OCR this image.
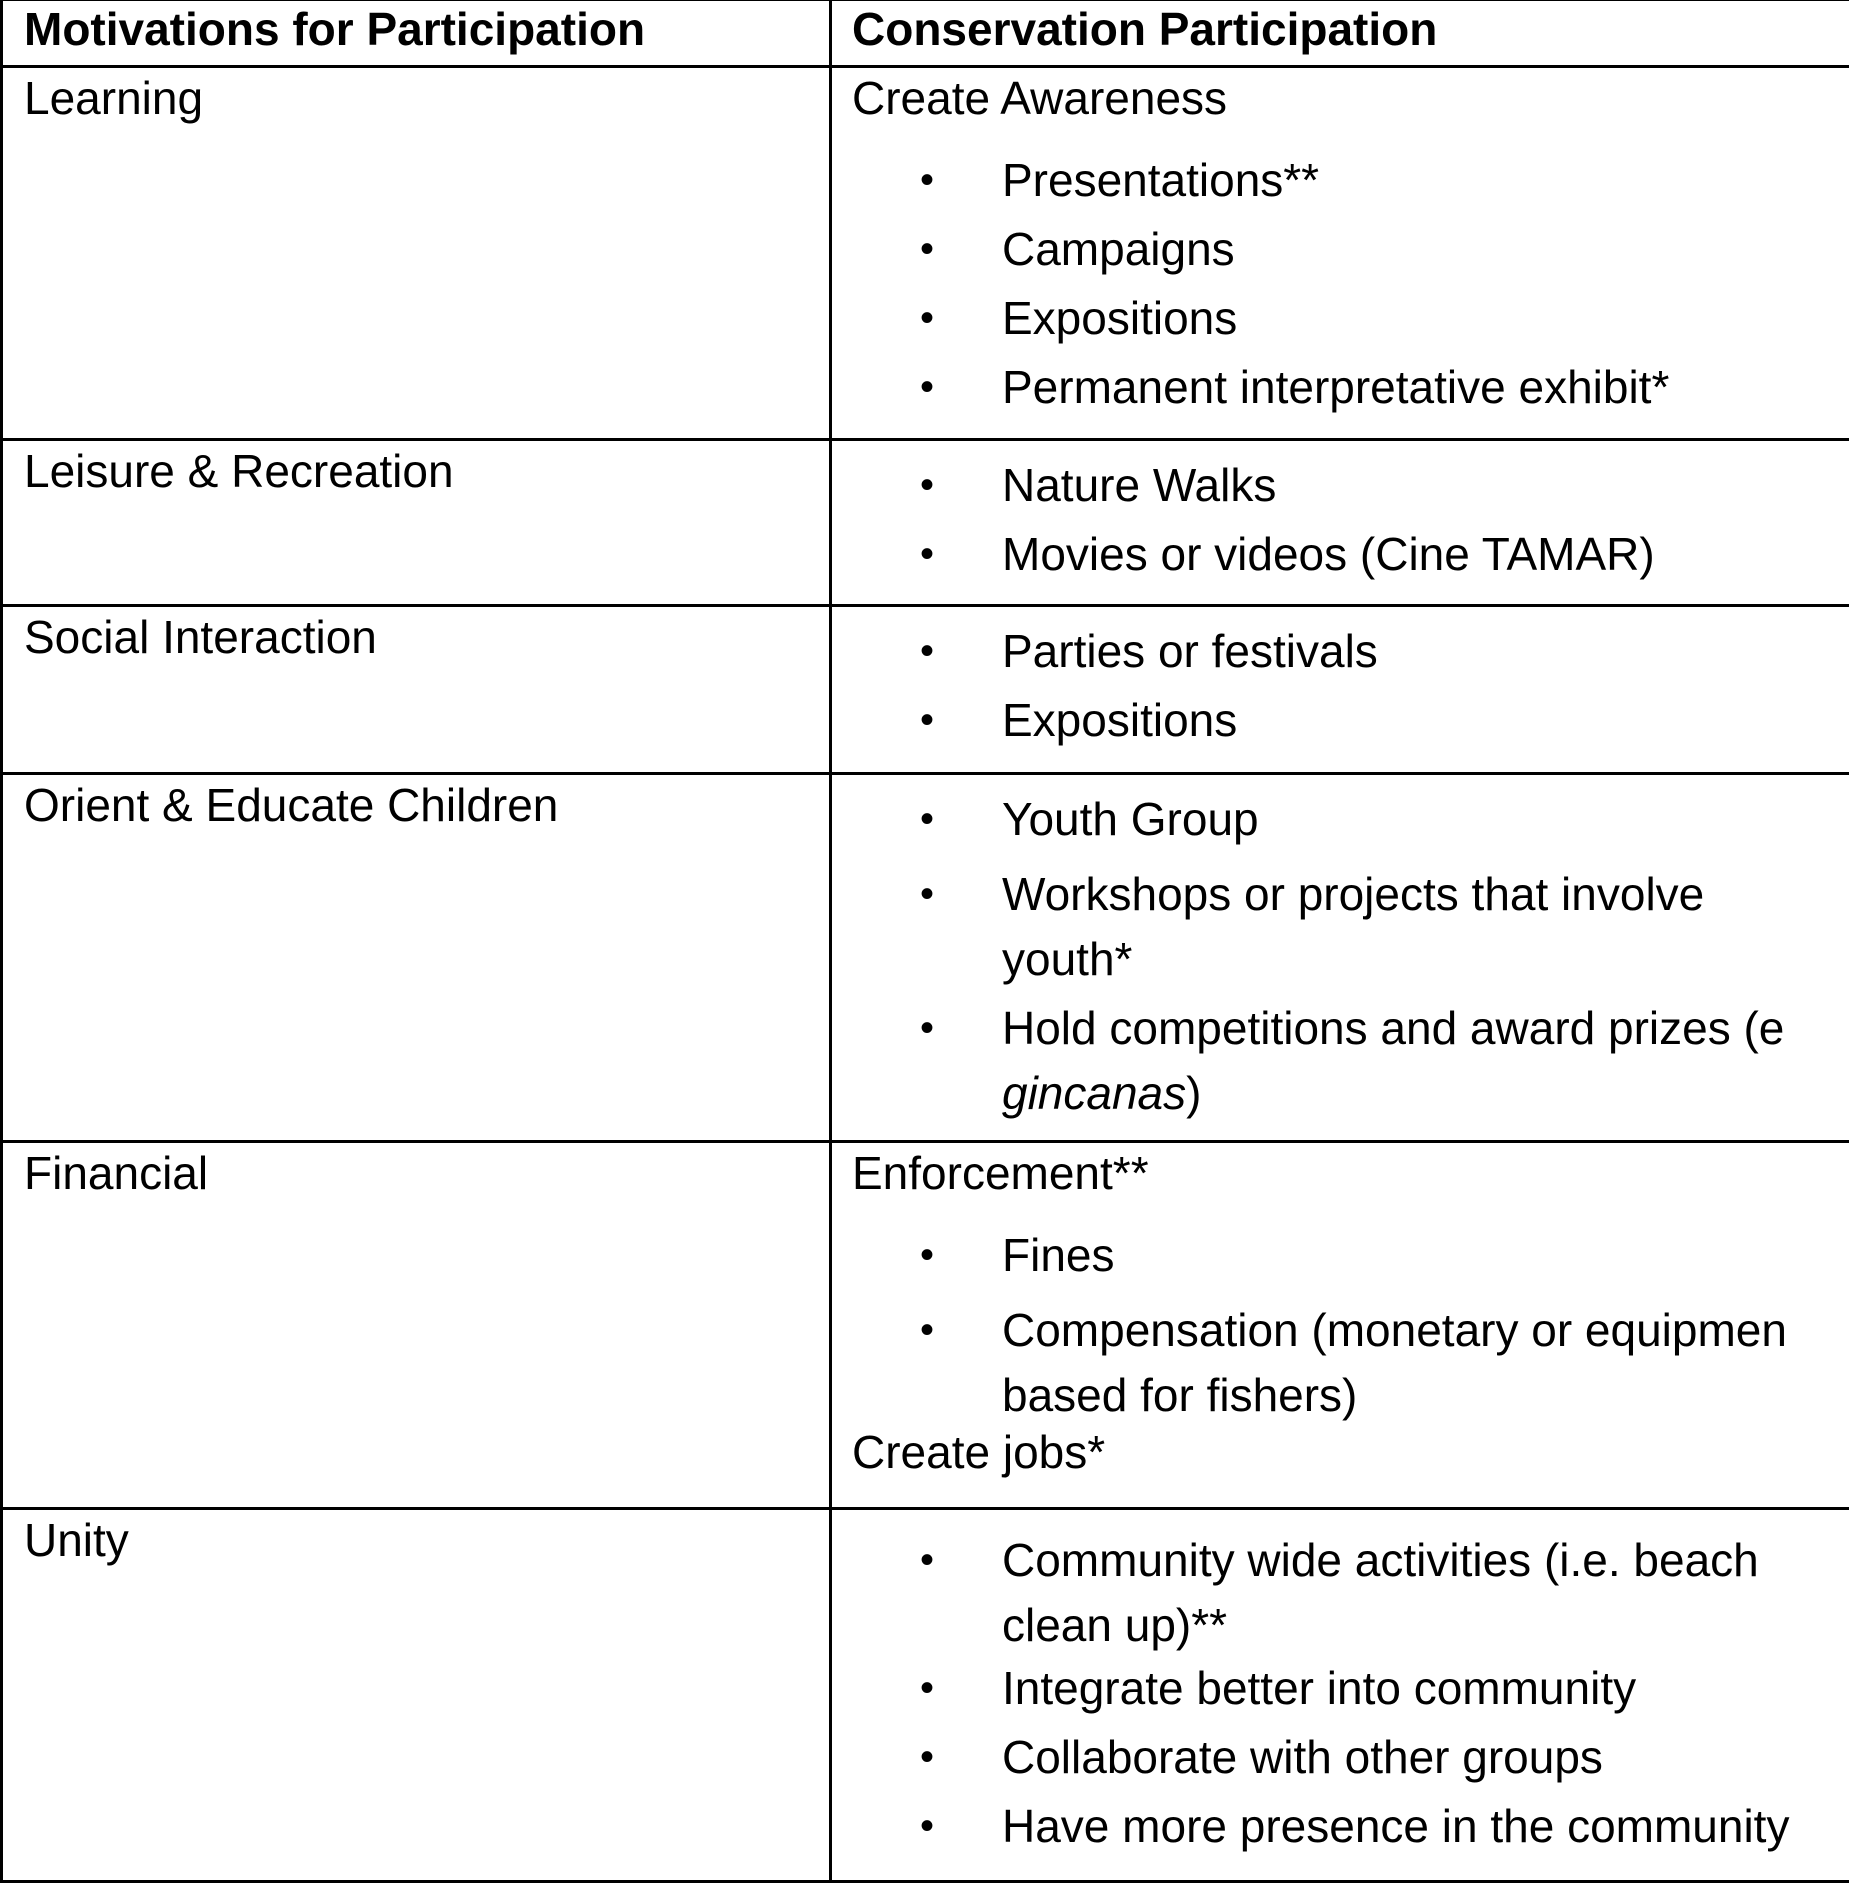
Motivations for Participation	Conservation Participation
Learning	Create Awareness
• Presentations**
• Campaigns
• Expositions
• Permanent interpretative exhibit*
Leisure & Recreation	• Nature Walks
• Movies or videos (Cine TAMAR)
Social Interaction	• Parties or festivals
• Expositions
Orient & Educate Children	• Youth Group
• Workshops or projects that involve
youth*
• Hold competitions and award prizes (e
gincanas)
Financial	Enforcement**
• Fines
• Compensation (monetary or equipmen
based for fishers)
Create jobs*
Unity	• Community wide activities (i.e. beach
clean up)**
• Integrate better into community
• Collaborate with other groups
• Have more presence in the community
